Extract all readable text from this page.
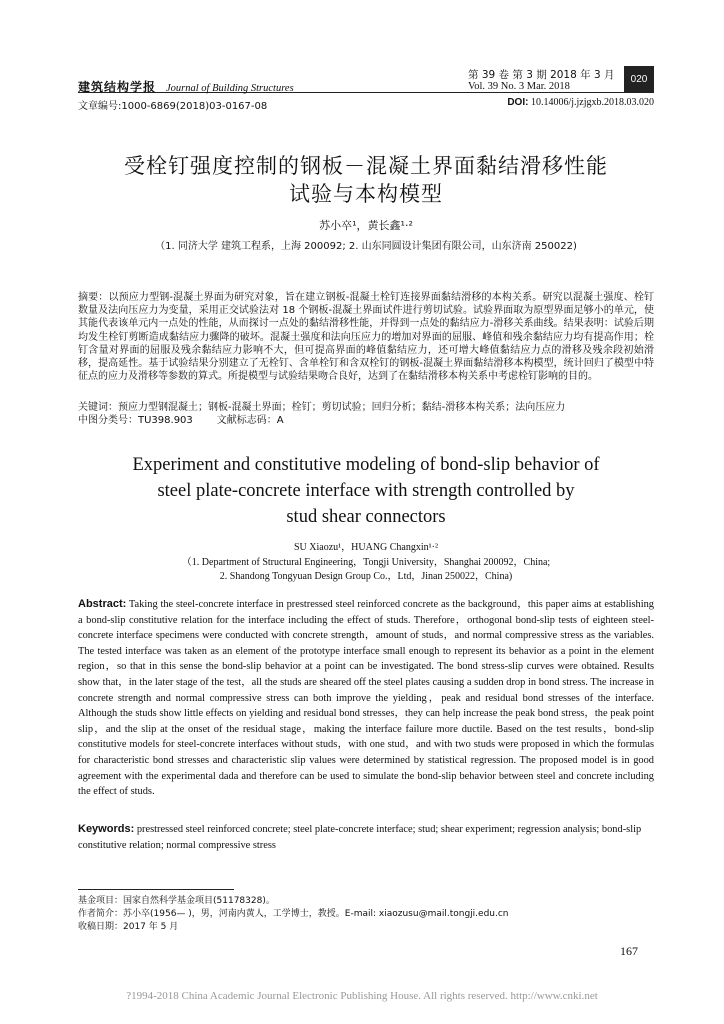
建筑结构学报 Journal of Building Structures
第 39 卷 第 3 期 2018 年 3 月
Vol. 39 No. 3 Mar. 2018
020
文章编号:1000-6869(2018)03-0167-08	DOI: 10.14006/j.jzjgxb.2018.03.020
受栓钉强度控制的钢板－混凝土界面黏结滑移性能
试验与本构模型
苏小卒¹，黄长鑫¹·²
（1. 同济大学 建筑工程系，上海 200092; 2. 山东同圆设计集团有限公司，山东济南 250022)
摘要：以预应力型钢-混凝土界面为研究对象，旨在建立钢板-混凝土栓钉连接界面黏结滑移的本构关系。研究以混凝土强度、栓钉数量及法向压应力为变量，采用正交试验法对 18 个钢板-混凝土界面试件进行剪切试验。试验界面取为原型界面足够小的单元，使其能代表该单元内一点处的性能，从而探讨一点处的黏结滑移性能，并得到一点处的黏结应力-滑移关系曲线。结果表明：试验后期均发生栓钉剪断造成黏结应力骤降的破坏。混凝土强度和法向压应力的增加对界面的屈服、峰值和残余黏结应力均有提高作用；栓钉含量对界面的屈服及残余黏结应力影响不大，但可提高界面的峰值黏结应力，还可增大峰值黏结应力点的滑移及残余段初始滑移，提高延性。基于试验结果分别建立了无栓钉、含单栓钉和含双栓钉的钢板-混凝土界面黏结滑移本构模型，统计回归了模型中特征点的应力及滑移等参数的算式。所提模型与试验结果吻合良好，达到了在黏结滑移本构关系中考虑栓钉影响的目的。
关键词：预应力型钢混凝土；钢板-混凝土界面；栓钉；剪切试验；回归分析；黏结-滑移本构关系；法向压应力
中图分类号：TU398.903 文献标志码：A
Experiment and constitutive modeling of bond-slip behavior of
steel plate-concrete interface with strength controlled by
stud shear connectors
SU Xiaozu¹，HUANG Changxin¹·²
（1. Department of Structural Engineering，Tongji University，Shanghai 200092，China;
2. Shandong Tongyuan Design Group Co.，Ltd，Jinan 250022，China)
Abstract: Taking the steel-concrete interface in prestressed steel reinforced concrete as the background，this paper aims at establishing a bond-slip constitutive relation for the interface including the effect of studs. Therefore，orthogonal bond-slip tests of eighteen steel-concrete interface specimens were conducted with concrete strength，amount of studs，and normal compressive stress as the variables. The tested interface was taken as an element of the prototype interface small enough to represent its behavior as a point in the element region，so that in this sense the bond-slip behavior at a point can be investigated. The bond stress-slip curves were obtained. Results show that，in the later stage of the test，all the studs are sheared off the steel plates causing a sudden drop in bond stress. The increase in concrete strength and normal compressive stress can both improve the yielding，peak and residual bond stresses of the interface. Although the studs show little effects on yielding and residual bond stresses，they can help increase the peak bond stress，the peak point slip，and the slip at the onset of the residual stage，making the interface failure more ductile. Based on the test results，bond-slip constitutive models for steel-concrete interfaces without studs，with one stud，and with two studs were proposed in which the formulas for characteristic bond stresses and characteristic slip values were determined by statistical regression. The proposed model is in good agreement with the experimental dada and therefore can be used to simulate the bond-slip behavior between steel and concrete including the effect of studs.
Keywords: prestressed steel reinforced concrete; steel plate-concrete interface; stud; shear experiment; regression analysis; bond-slip constitutive relation; normal compressive stress
基金项目：国家自然科学基金项目(51178328)。
作者简介：苏小卒(1956— )，男，河南内黄人，工学博士，教授。E-mail: xiaozusu@mail.tongji.edu.cn
收稿日期：2017 年 5 月
167
?1994-2018 China Academic Journal Electronic Publishing House. All rights reserved. http://www.cnki.net
